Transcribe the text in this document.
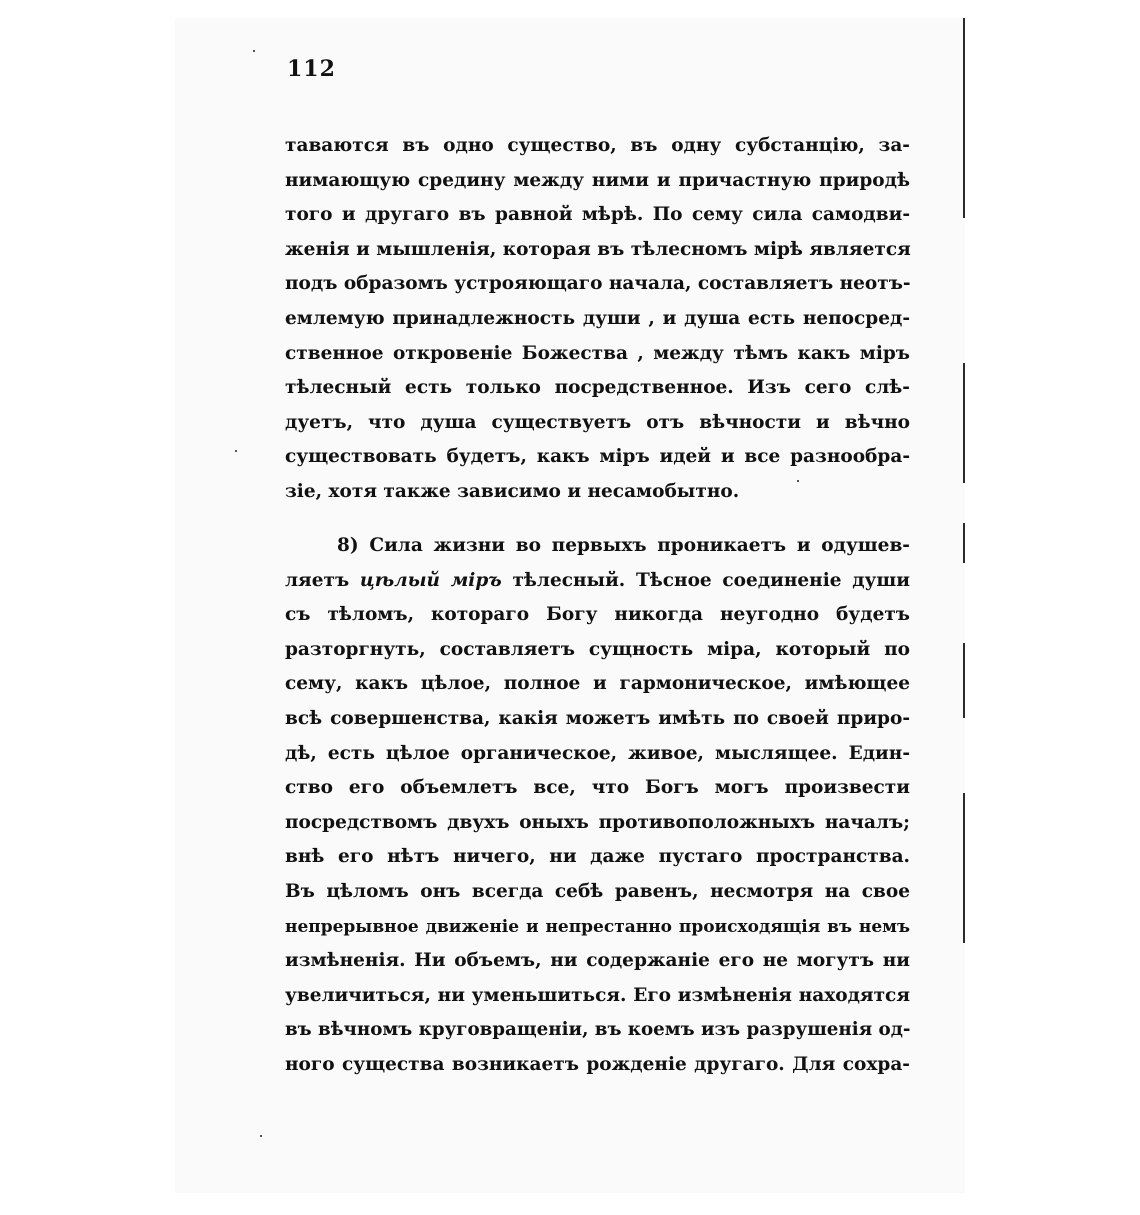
112
таваются въ одно существо, въ одну субстанцію, за-
нимающую средину между ними и причастную природѣ
того и другаго въ равной мѣрѣ. По сему сила самодви-
женія и мышленія, которая въ тѣлесномъ мірѣ является
подъ образомъ устрояющаго начала, составляетъ неотъ-
емлемую принадлежность души , и душа есть непосред-
ственное откровеніе Божества , между тѣмъ какъ міръ
тѣлесный есть только посредственное. Изъ сего слѣ-
дуетъ, что душа существуетъ отъ вѣчности и вѣчно
существовать будетъ, какъ міръ идей и все разнообра-
зіе, хотя также зависимо и несамобытно.
8) Сила жизни во первыхъ проникаетъ и одушев-
ляетъ цѣлый міръ тѣлесный. Тѣсное соединеніе души
съ тѣломъ, котораго Богу никогда неугодно будетъ
разторгнуть, составляетъ сущность міра, который по
сему, какъ цѣлое, полное и гармоническое, имѣющее
всѣ совершенства, какія можетъ имѣть по своей приро-
дѣ, есть цѣлое органическое, живое, мыслящее. Един-
ство его объемлетъ все, что Богъ могъ произвести
посредствомъ двухъ оныхъ противоположныхъ началъ;
внѣ его нѣтъ ничего, ни даже пустаго пространства.
Въ цѣломъ онъ всегда себѣ равенъ, несмотря на свое
непрерывное движеніе и непрестанно происходящія въ немъ
измѣненія. Ни объемъ, ни содержаніе его не могутъ ни
увеличиться, ни уменьшиться. Его измѣненія находятся
въ вѣчномъ круговращеніи, въ коемъ изъ разрушенія од-
ного существа возникаетъ рожденіе другаго. Для сохра-
